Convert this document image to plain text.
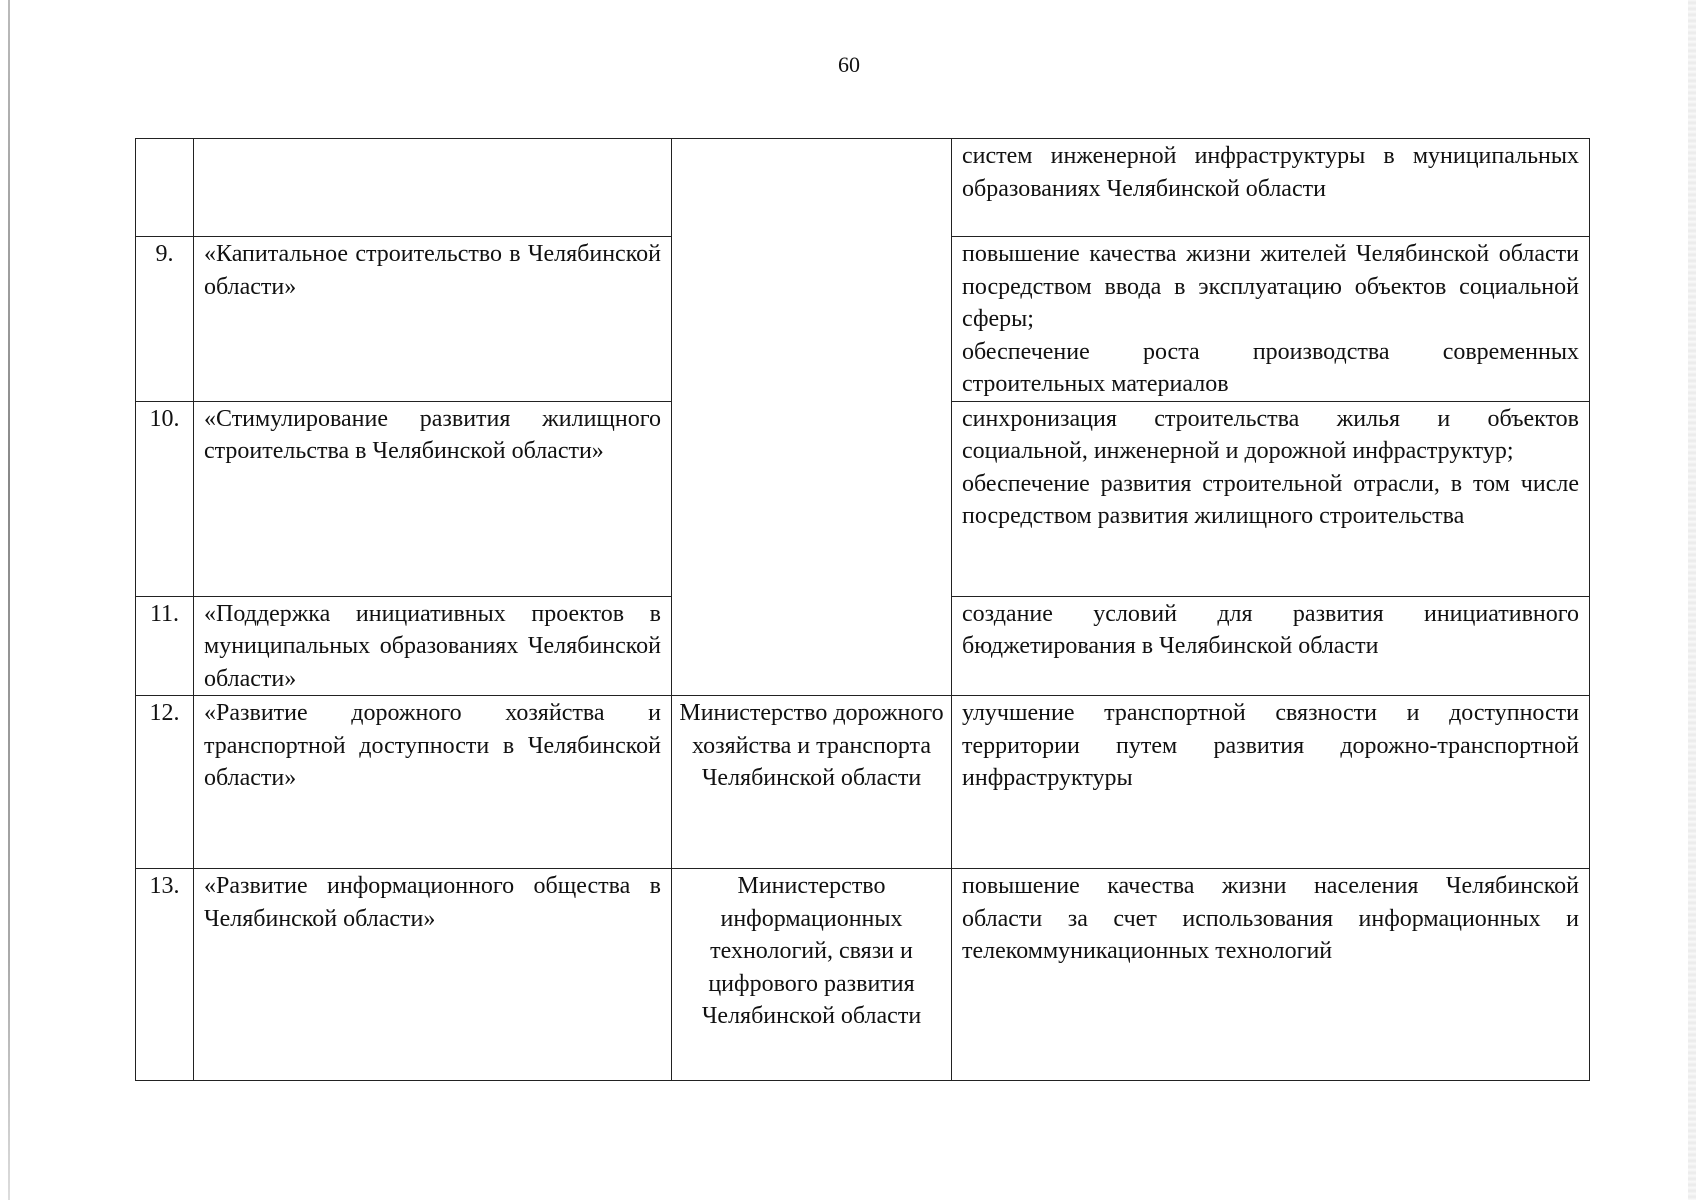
60

			систем инженерной инфраструктуры в муниципальных образованиях Челябинской области

9.	«Капитальное строительство в Челябинской области»		повышение качества жизни жителей Челябинской области посредством ввода в эксплуатацию объектов социальной сферы;
обеспечение роста производства современных строительных материалов

10.	«Стимулирование развития жилищного строительства в Челябинской области»		синхронизация строительства жилья и объектов социальной, инженерной и дорожной инфраструктур;
обеспечение развития строительной отрасли, в том числе посредством развития жилищного строительства

11.	«Поддержка инициативных проектов в муниципальных образованиях Челябинской области»		создание условий для развития инициативного бюджетирования в Челябинской области

12.	«Развитие дорожного хозяйства и транспортной доступности в Челябинской области»	Министерство дорожного хозяйства и транспорта Челябинской области	улучшение транспортной связности и доступности территории путем развития дорожно-транспортной инфраструктуры

13.	«Развитие информационного общества в Челябинской области»	Министерство информационных технологий, связи и цифрового развития Челябинской области	повышение качества жизни населения Челябинской области за счет использования информационных и телекоммуникационных технологий
